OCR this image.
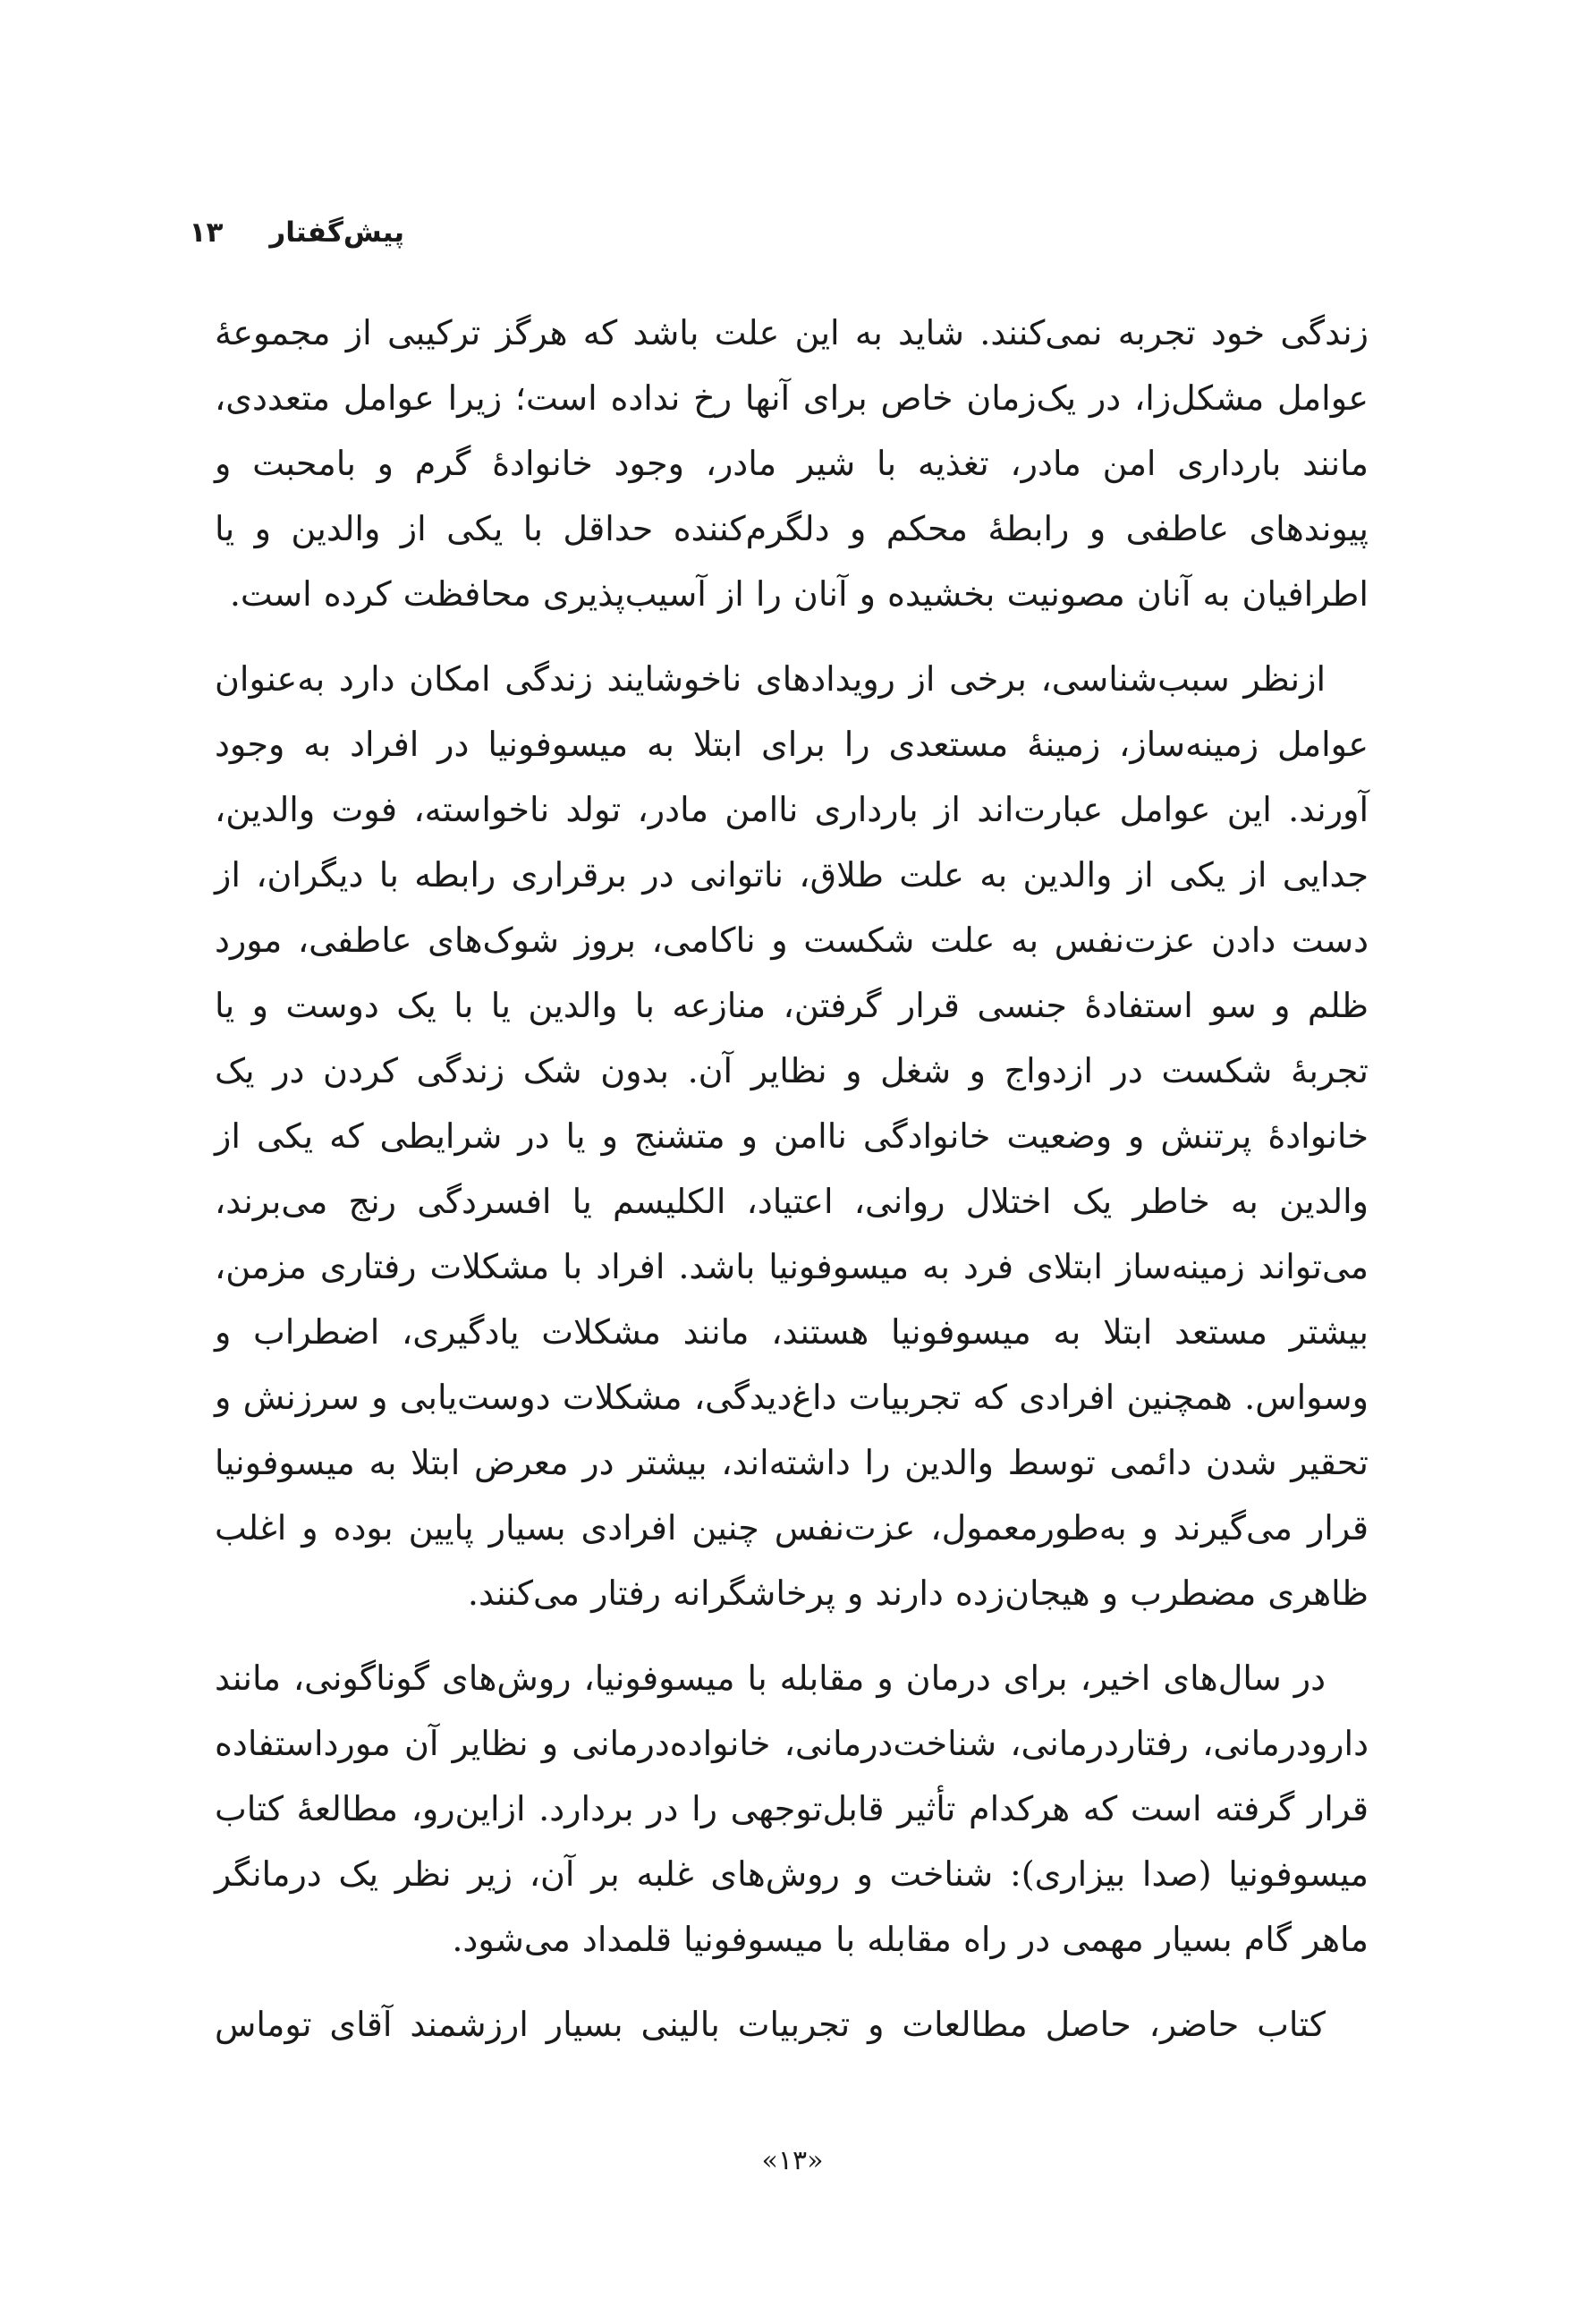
پیش‌گفتار
۱۳

زندگی خود تجربه نمی‌کنند. شاید به این علت باشد که هرگز ترکیبی از مجموعهٔ عوامل مشکل‌زا، در یک‌زمان خاص برای آنها رخ نداده است؛ زیرا عوامل متعددی، مانند بارداری امن مادر، تغذیه با شیر مادر، وجود خانوادهٔ گرم و بامحبت و پیوندهای عاطفی و رابطهٔ محکم و دلگرم‌کننده حداقل با یکی از والدین و یا اطرافیان به آنان مصونیت بخشیده و آنان را از آسیب‌پذیری محافظت کرده است.

ازنظر سبب‌شناسی، برخی از رویدادهای ناخوشایند زندگی امکان دارد به‌عنوان عوامل زمینه‌ساز، زمینهٔ مستعدی را برای ابتلا به میسوفونیا در افراد به وجود آورند. این عوامل عبارت‌اند از بارداری ناامن مادر، تولد ناخواسته، فوت والدین، جدایی از یکی از والدین به علت طلاق، ناتوانی در برقراری رابطه با دیگران، از دست دادن عزت‌نفس به علت شکست و ناکامی، بروز شوک‌های عاطفی، مورد ظلم و سو استفادهٔ جنسی قرار گرفتن، منازعه با والدین یا با یک دوست و یا تجربهٔ شکست در ازدواج و شغل و نظایر آن. بدون شک زندگی کردن در یک خانوادهٔ پرتنش و وضعیت خانوادگی ناامن و متشنج و یا در شرایطی که یکی از والدین به خاطر یک اختلال روانی، اعتیاد، الکلیسم یا افسردگی رنج می‌برند، می‌تواند زمینه‌ساز ابتلای فرد به میسوفونیا باشد. افراد با مشکلات رفتاری مزمن، بیشتر مستعد ابتلا به میسوفونیا هستند، مانند مشکلات یادگیری، اضطراب و وسواس. همچنین افرادی که تجربیات داغ‌دیدگی، مشکلات دوست‌یابی و سرزنش و تحقیر شدن دائمی توسط والدین را داشته‌اند، بیشتر در معرض ابتلا به میسوفونیا قرار می‌گیرند و به‌طورمعمول، عزت‌نفس چنین افرادی بسیار پایین بوده و اغلب ظاهری مضطرب و هیجان‌زده دارند و پرخاشگرانه رفتار می‌کنند.

در سال‌های اخیر، برای درمان و مقابله با میسوفونیا، روش‌های گوناگونی، مانند دارودرمانی، رفتاردرمانی، شناخت‌درمانی، خانواده‌درمانی و نظایر آن مورداستفاده قرار گرفته است که هرکدام تأثیر قابل‌توجهی را در بردارد. ازاین‌رو، مطالعهٔ کتاب میسوفونیا (صدا بیزاری): شناخت و روش‌های غلبه بر آن، زیر نظر یک درمانگر ماهر گام بسیار مهمی در راه مقابله با میسوفونیا قلمداد می‌شود.

کتاب حاضر، حاصل مطالعات و تجربیات بالینی بسیار ارزشمند آقای توماس

«۱۳»
